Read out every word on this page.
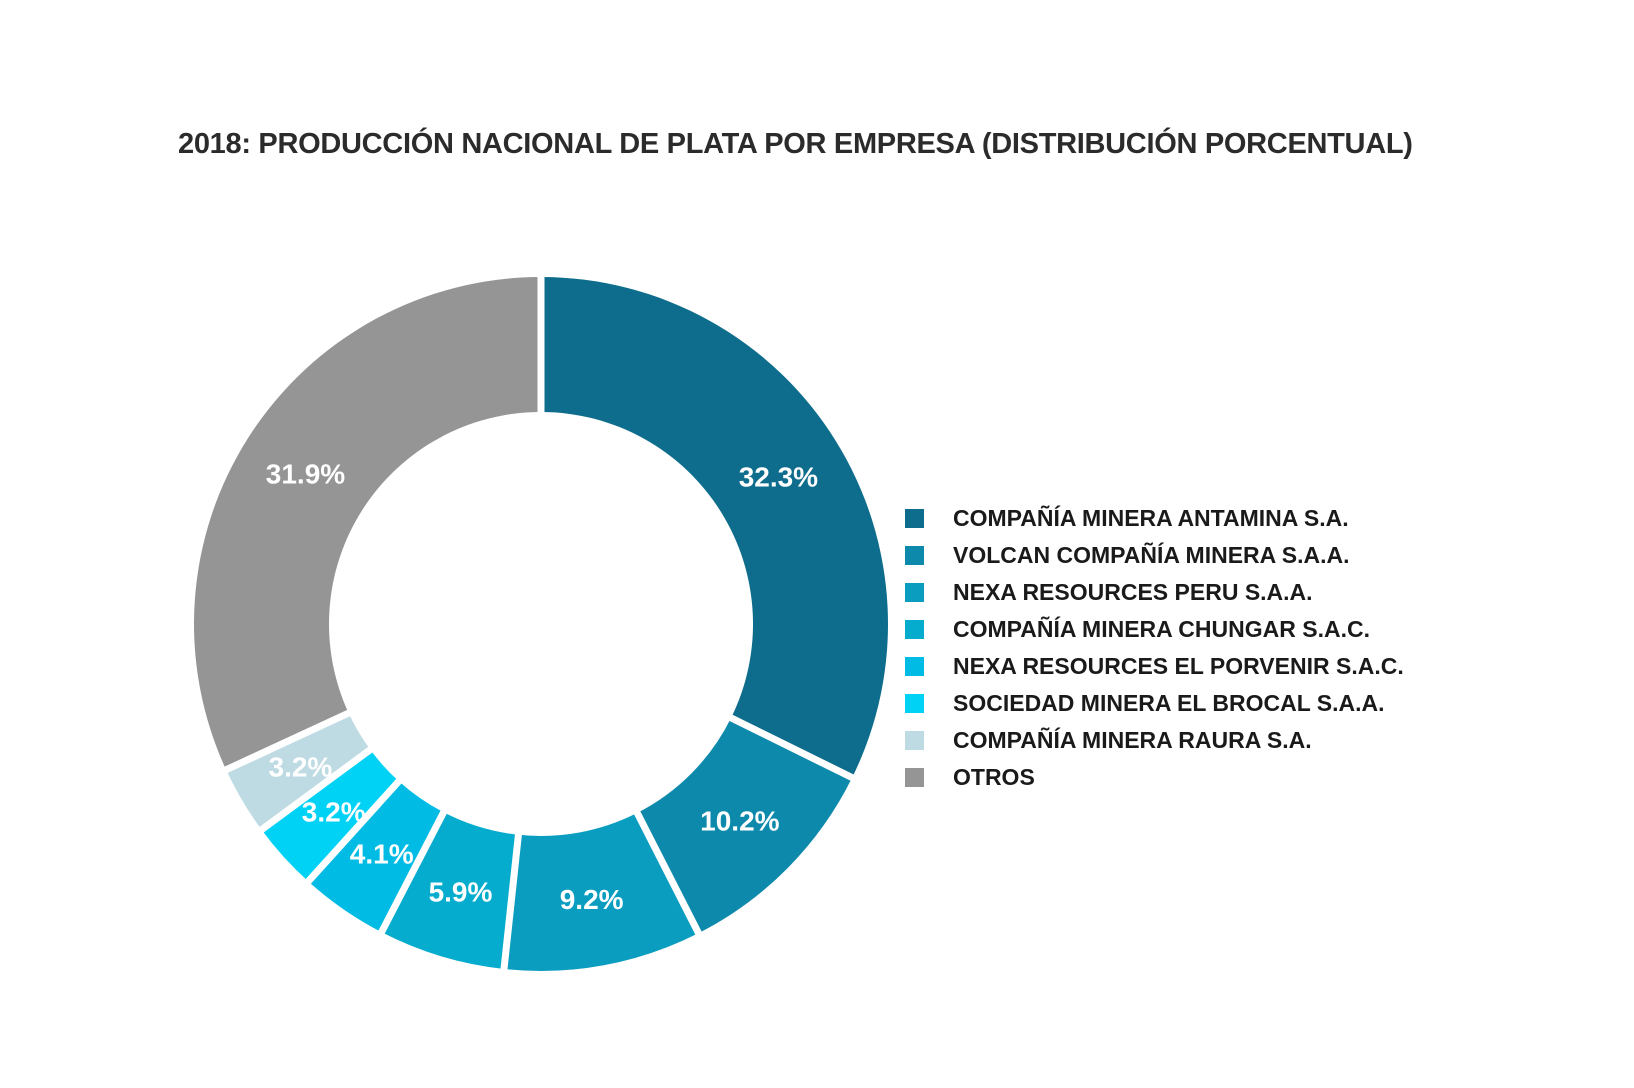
2018: PRODUCCIÓN NACIONAL DE PLATA POR EMPRESA (DISTRIBUCIÓN PORCENTUAL)
32.3%
10.2%
9.2%
5.9%
4.1%
3.2%
3.2%
31.9%
COMPAÑÍA MINERA ANTAMINA S.A.
VOLCAN COMPAÑÍA MINERA S.A.A.
NEXA RESOURCES PERU S.A.A.
COMPAÑÍA MINERA CHUNGAR S.A.C.
NEXA RESOURCES EL PORVENIR S.A.C.
SOCIEDAD MINERA EL BROCAL S.A.A.
COMPAÑÍA MINERA RAURA S.A.
OTROS
